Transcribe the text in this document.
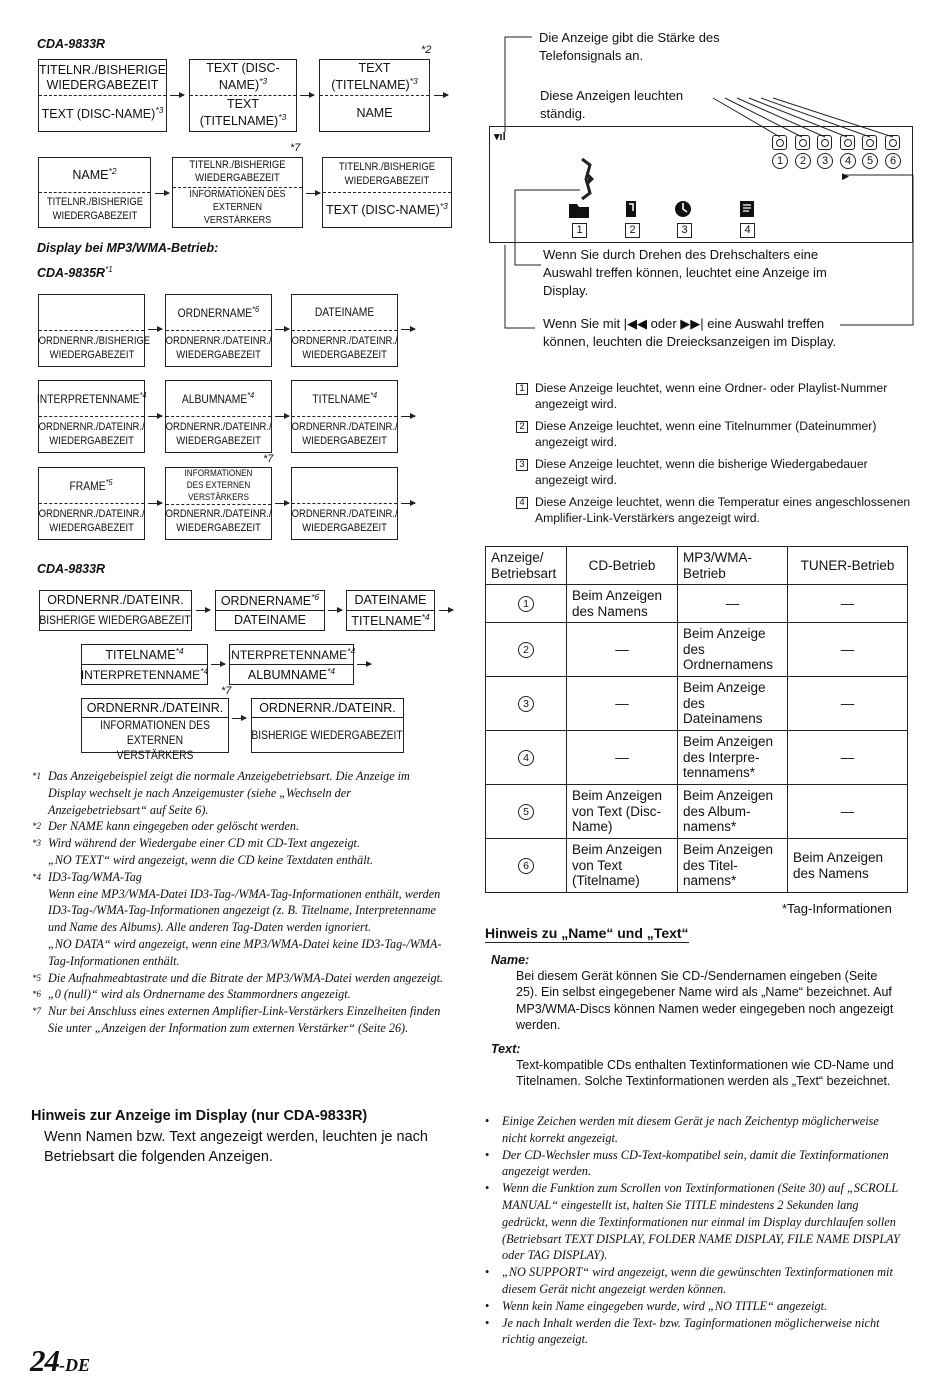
CDA-9833R	*2
TITELNR./BISHERIGE WIEDERGABEZEIT
TEXT (DISC-NAME)$^{*3}$
TEXT (DISC-NAME)$^{*3}$
TEXT (TITELNAME)$^{*3}$
TEXT (TITELNAME)$^{*3}$
NAME
*7
NAME$^{*2}$
TITELNR./BISHERIGE WIEDERGABEZEIT
TITELNR./BISHERIGE WIEDERGABEZEIT
INFORMATIONEN DES EXTERNEN VERSTÄRKERS
TITELNR./BISHERIGE WIEDERGABEZEIT
TEXT (DISC-NAME)$^{*3}$
Display bei MP3/WMA-Betrieb:
CDA-$9835R^{*1}$
ORDNERNR./BISHERIGE WIEDERGABEZEIT
ORDNERNAME$^{*6}$
ORDNERNR./DATEINR./ WIEDERGABEZEIT
DATEINAME
ORDNERNR./DATEINR./ WIEDERGABEZEIT
INTERPRETENNAME$^{*4}$
ORDNERNR./DATEINR./ WIEDERGABEZEIT
ALBUMNAME$^{*4}$
ORDNERNR./DATEINR./ WIEDERGABEZEIT
TITELNAME$^{*4}$
ORDNERNR./DATEINR./ WIEDERGABEZEIT
*7
FRAME$^{*5}$
ORDNERNR./DATEINR./ WIEDERGABEZEIT
INFORMATIONEN DES EXTERNEN VERSTÄRKERS
ORDNERNR./DATEINR./ WIEDERGABEZEIT
ORDNERNR./DATEINR./ WIEDERGABEZEIT
CDA-9833R
ORDNERNR./DATEINR.
BISHERIGE WIEDERGABEZEIT
ORDNERNAME$^{*6}$
DATEINAME
DATEINAME
TITELNAME$^{*4}$
TITELNAME$^{*4}$
INTERPRETENNAME$^{*4}$
INTERPRETENNAME$^{*4}$
ALBUMNAME$^{*4}$
*7
ORDNERNR./DATEINR.
INFORMATIONEN DES EXTERNEN VERSTÄRKERS
ORDNERNR./DATEINR.
BISHERIGE WIEDERGABEZEIT
*1 Das Anzeigebeispiel zeigt die normale Anzeigebetriebsart. Die Anzeige im Display wechselt je nach Anzeigemuster (siehe „Wechseln der Anzeigebetriebsart“ auf Seite 6).
*2 Der NAME kann eingegeben oder gelöscht werden.
*3 Wird während der Wiedergabe einer CD mit CD-Text angezeigt.
„NO TEXT“ wird angezeigt, wenn die CD keine Textdaten enthält.
*4 ID3-Tag/WMA-Tag
Wenn eine MP3/WMA-Datei ID3-Tag-/WMA-Tag-Informationen enthält, werden ID3-Tag-/WMA-Tag-Informationen angezeigt (z. B. Titelname, Interpretenname und Name des Albums). Alle anderen Tag-Daten werden ignoriert.
„NO DATA“ wird angezeigt, wenn eine MP3/WMA-Datei keine ID3-Tag-/WMA-Tag-Informationen enthält.
*5 Die Aufnahmeabtastrate und die Bitrate der MP3/WMA-Datei werden angezeigt.
*6 „0 (null)“ wird als Ordnername des Stammordners angezeigt.
*7 Nur bei Anschluss eines externen Amplifier-Link-Verstärkers Einzelheiten finden Sie unter „Anzeigen der Information zum externen Verstärker“ (Seite 26).
Hinweis zur Anzeige im Display (nur CDA-9833R)
Wenn Namen bzw. Text angezeigt werden, leuchten je nach Betriebsart die folgenden Anzeigen.
24-DE
Die Anzeige gibt die Stärke des Telefonsignals an.
Diese Anzeigen leuchten ständig.
▾ıl
1	2	3	4	5	6
▶
1	2	3	4
Wenn Sie durch Drehen des Drehschalters eine Auswahl treffen können, leuchtet eine Anzeige im Display.
Wenn Sie mit |◀◀ oder ▶▶| eine Auswahl treffen können, leuchten die Dreiecksanzeigen im Display.
1 Diese Anzeige leuchtet, wenn eine Ordner- oder Playlist-Nummer angezeigt wird.
2 Diese Anzeige leuchtet, wenn eine Titelnummer (Dateinummer) angezeigt wird.
3 Diese Anzeige leuchtet, wenn die bisherige Wiedergabedauer angezeigt wird.
4 Diese Anzeige leuchtet, wenn die Temperatur eines angeschlossenen Amplifier-Link-Verstärkers angezeigt wird.
Anzeige/ Betriebsart	CD-Betrieb	MP3/WMA-Betrieb	TUNER-Betrieb
1	Beim Anzeigen des Namens	—	—
2	—	Beim Anzeige des Ordnernamens	—
3	—	Beim Anzeige des Dateinamens	—
4	—	Beim Anzeigen des Interpre-tennamens*	—
5	Beim Anzeigen von Text (Disc-Name)	Beim Anzeigen des Album-namens*	—
6	Beim Anzeigen von Text (Titelname)	Beim Anzeigen des Titel-namens*	Beim Anzeigen des Namens
*Tag-Informationen
Hinweis zu „Name“ und „Text“
Name:
Bei diesem Gerät können Sie CD-/Sendernamen eingeben (Seite 25). Ein selbst eingegebener Name wird als „Name“ bezeichnet. Auf MP3/WMA-Discs können Namen weder eingegeben noch angezeigt werden.
Text:
Text-kompatible CDs enthalten Textinformationen wie CD-Name und Titelnamen. Solche Textinformationen werden als „Text“ bezeichnet.
•	Einige Zeichen werden mit diesem Gerät je nach Zeichentyp möglicherweise nicht korrekt angezeigt.
•	Der CD-Wechsler muss CD-Text-kompatibel sein, damit die Textinformationen angezeigt werden.
•	Wenn die Funktion zum Scrollen von Textinformationen (Seite 30) auf „SCROLL MANUAL“ eingestellt ist, halten Sie TITLE mindestens 2 Sekunden lang gedrückt, wenn die Textinformationen nur einmal im Display durchlaufen sollen (Betriebsart TEXT DISPLAY, FOLDER NAME DISPLAY, FILE NAME DISPLAY oder TAG DISPLAY).
•	„NO SUPPORT“ wird angezeigt, wenn die gewünschten Textinformationen mit diesem Gerät nicht angezeigt werden können.
•	Wenn kein Name eingegeben wurde, wird „NO TITLE“ angezeigt.
•	Je nach Inhalt werden die Text- bzw. Taginformationen möglicherweise nicht richtig angezeigt.
